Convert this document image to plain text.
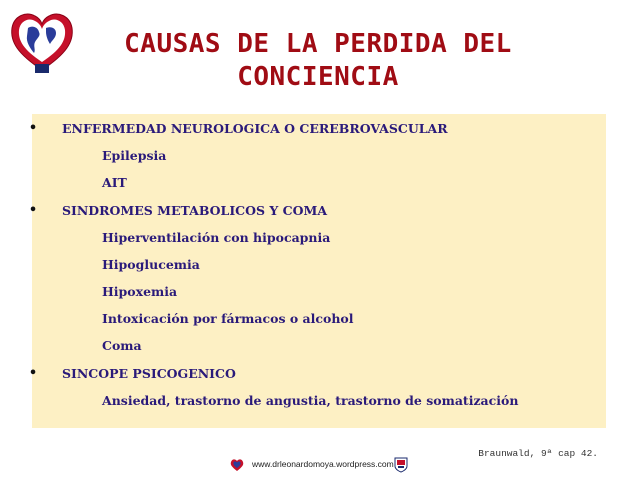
CAUSAS DE LA PERDIDA DEL
CONCIENCIA
• ENFERMEDAD NEUROLOGICA O CEREBROVASCULAR
Epilepsia
AIT
• SINDROMES METABOLICOS Y COMA
Hiperventilación con hipocapnia
Hipoglucemia
Hipoxemia
Intoxicación por fármacos o alcohol
Coma
• SINCOPE PSICOGENICO
Ansiedad, trastorno de angustia, trastorno de somatización
Braunwald, 9ª cap 42.
www.drleonardomoya.wordpress.com
